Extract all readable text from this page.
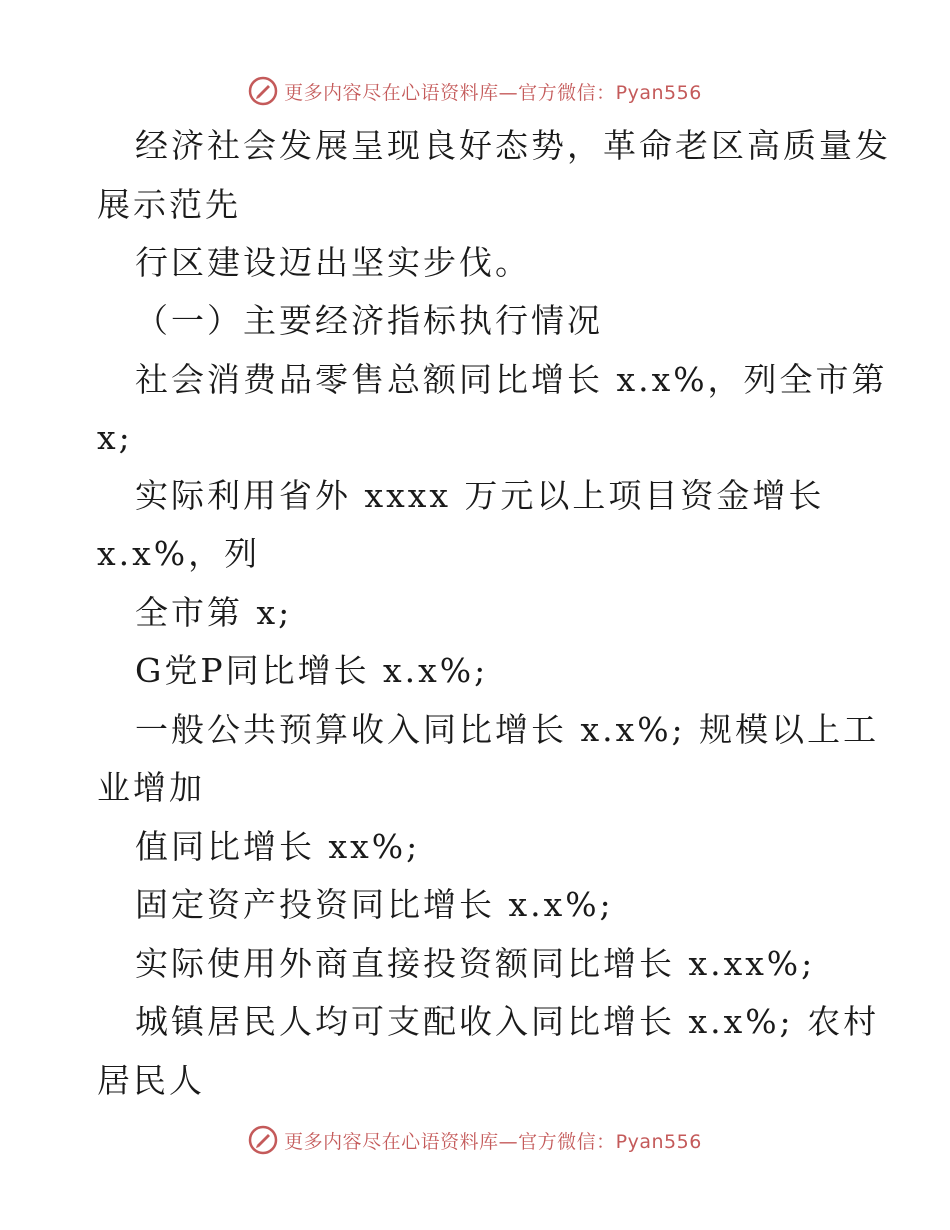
更多内容尽在心语资料库—官方微信：Pyan556
经济社会发展呈现良好态势，革命老区高质量发
展示范先
行区建设迈出坚实步伐。
（一）主要经济指标执行情况
社会消费品零售总额同比增长 x.x%，列全市第
x;
实际利用省外 xxxx 万元以上项目资金增长
x.x%，列
全市第 x;
G党P同比增长 x.x%;
一般公共预算收入同比增长 x.x%; 规模以上工
业增加
值同比增长 xx%;
固定资产投资同比增长 x.x%;
实际使用外商直接投资额同比增长 x.xx%;
城镇居民人均可支配收入同比增长 x.x%; 农村
居民人
更多内容尽在心语资料库—官方微信：Pyan556
